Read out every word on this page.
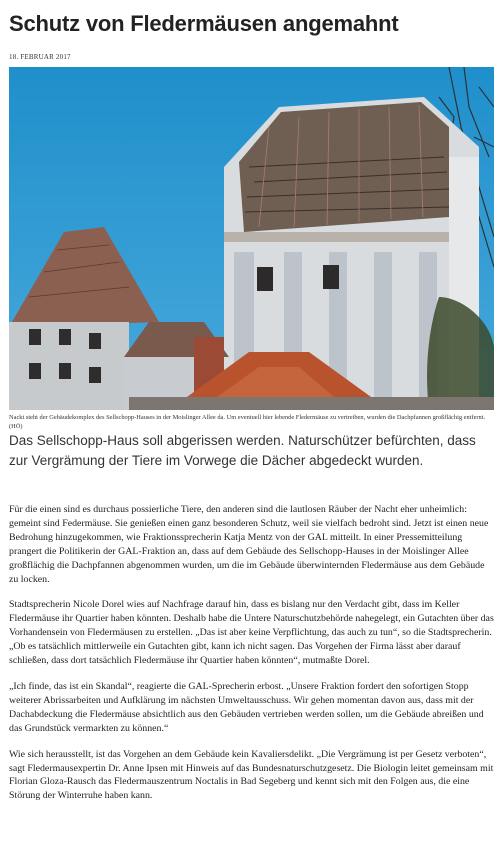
Schutz von Fledermäusen angemahnt
18. FEBRUAR 2017
Nackt steht der Gebäudekomplex des Sellschopp-Hauses in der Moislinger Allee da. Um eventuell hier lebende Fledermäuse zu vertreiben, wurden die Dachpfannen großflächig entfernt. (HÖ)
Das Sellschopp-Haus soll abgerissen werden. Naturschützer befürchten, dass zur Vergrämung der Tiere im Vorwege die Dächer abgedeckt wurden.

Für die einen sind es durchaus possierliche Tiere, den anderen sind die lautlosen Räuber der Nacht eher unheimlich: gemeint sind Federmäuse. Sie genießen einen ganz besonderen Schutz, weil sie vielfach bedroht sind. Jetzt ist einen neue Bedrohung hinzugekommen, wie Fraktionssprecherin Katja Mentz von der GAL mitteilt. In einer Pressemitteilung prangert die Politikerin der GAL-Fraktion an, dass auf dem Gebäude des Sellschopp-Hauses in der Moislinger Allee großflächig die Dachpfannen abgenommen wurden, um die im Gebäude überwinternden Fledermäuse aus dem Gebäude zu locken.

Stadtsprecherin Nicole Dorel wies auf Nachfrage darauf hin, dass es bislang nur den Verdacht gibt, dass im Keller Fledermäuse ihr Quartier haben könnten. Deshalb habe die Untere Naturschutzbehörde nahegelegt, ein Gutachten über das Vorhandensein von Fledermäusen zu erstellen. „Das ist aber keine Verpflichtung, das auch zu tun“, so die Stadtsprecherin. „Ob es tatsächlich mittlerweile ein Gutachten gibt, kann ich nicht sagen. Das Vorgehen der Firma lässt aber darauf schließen, dass dort tatsächlich Fledermäuse ihr Quartier haben könnten“, mutmaßte Dorel.

„Ich finde, das ist ein Skandal“, reagierte die GAL-Sprecherin erbost. „Unsere Fraktion fordert den sofortigen Stopp weiterer Abrissarbeiten und Aufklärung im nächsten Umweltausschuss. Wir gehen momentan davon aus, dass mit der Dachabdeckung die Fledermäuse absichtlich aus den Gebäuden vertrieben werden sollen, um die Gebäude abreißen und das Grundstück vermarkten zu können.“

Wie sich herausstellt, ist das Vorgehen an dem Gebäude kein Kavaliersdelikt. „Die Vergrämung ist per Gesetz verboten“, sagt Fledermausexpertin Dr. Anne Ipsen mit Hinweis auf das Bundesnaturschutzgesetz. Die Biologin leitet gemeinsam mit Florian Gloza-Rausch das Fledermauszentrum Noctalis in Bad Segeberg und kennt sich mit den Folgen aus, die eine Störung der Winterruhe haben kann.
